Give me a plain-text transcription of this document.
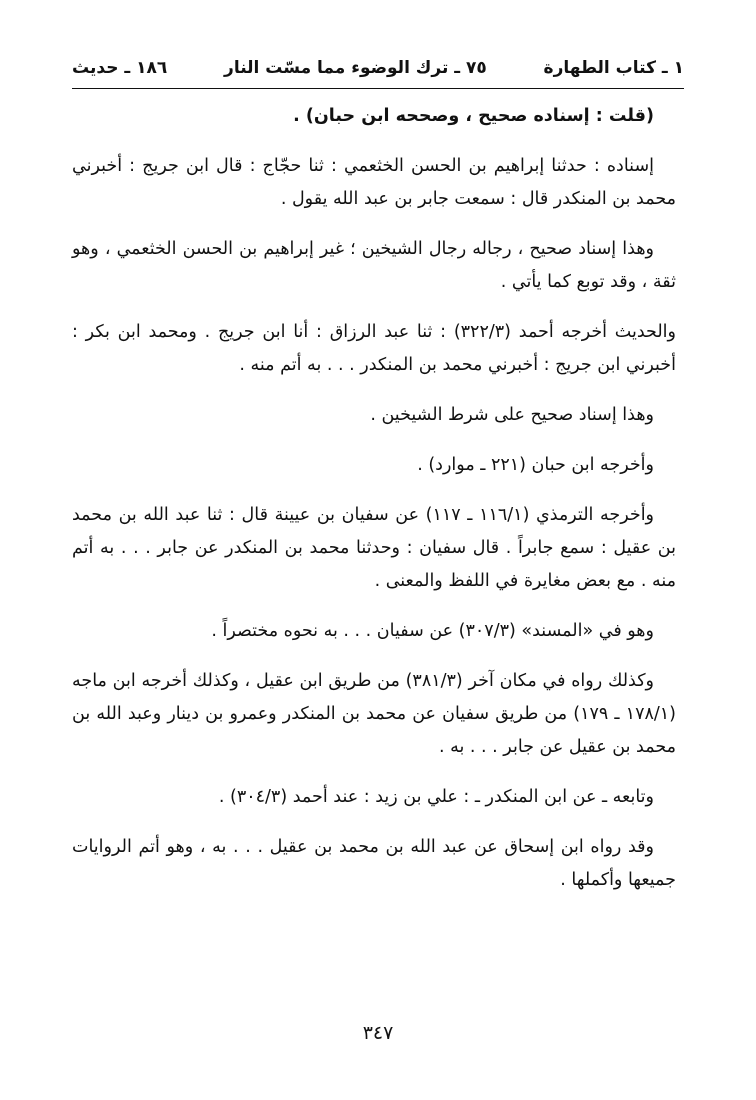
١ ـ كتاب الطهارة
٧٥ ـ ترك الوضوء مما مسّت النار
١٨٦ ـ حديث

(قلت : إسناده صحيح ، وصححه ابن حبان) .

إسناده : حدثنا إبراهيم بن الحسن الخثعمي : ثنا حجّاج : قال ابن جريج : أخبرني محمد بن المنكدر قال : سمعت جابر بن عبد الله يقول .

وهذا إسناد صحيح ، رجاله رجال الشيخين ؛ غير إبراهيم بن الحسن الخثعمي ، وهو ثقة ، وقد توبع كما يأتي .

والحديث أخرجه أحمد (٣٢٢/٣) : ثنا عبد الرزاق : أنا ابن جريج . ومحمد ابن بكر : أخبرني ابن جريج : أخبرني محمد بن المنكدر . . . به أتم منه .

وهذا إسناد صحيح على شرط الشيخين .

وأخرجه ابن حبان (٢٢١ ـ موارد) .

وأخرجه الترمذي (١١٦/١ ـ ١١٧) عن سفيان بن عيينة قال : ثنا عبد الله بن محمد بن عقيل : سمع جابراً . قال سفيان : وحدثنا محمد بن المنكدر عن جابر . . . به أتم منه . مع بعض مغايرة في اللفظ والمعنى .

وهو في «المسند» (٣٠٧/٣) عن سفيان . . . به نحوه مختصراً .

وكذلك رواه في مكان آخر (٣٨١/٣) من طريق ابن عقيل ، وكذلك أخرجه ابن ماجه (١٧٨/١ ـ ١٧٩) من طريق سفيان عن محمد بن المنكدر وعمرو بن دينار وعبد الله بن محمد بن عقيل عن جابر . . . به .

وتابعه ـ عن ابن المنكدر ـ : علي بن زيد : عند أحمد (٣٠٤/٣) .

وقد رواه ابن إسحاق عن عبد الله بن محمد بن عقيل . . . به ، وهو أتم الروايات جميعها وأكملها .

٣٤٧
